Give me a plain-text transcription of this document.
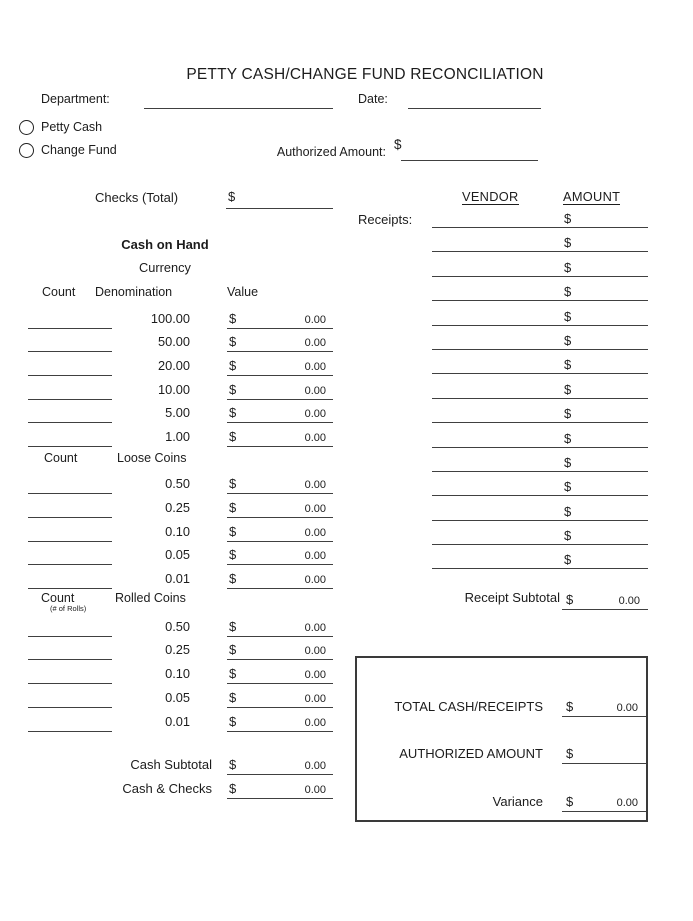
PETTY CASH/CHANGE FUND RECONCILIATION
Department:	Date:
Petty Cash
Change Fund	Authorized Amount: $
Checks (Total)	$
Cash on Hand
Currency
Count Denomination	Value
100.00	$	0.00
50.00	$	0.00
20.00	$	0.00
10.00	$	0.00
5.00	$	0.00
1.00	$	0.00
Count	Loose Coins
0.50	$	0.00
0.25	$	0.00
0.10	$	0.00
0.05	$	0.00
0.01	$	0.00
Count
(# of Rolls)
Rolled Coins
0.50	$	0.00
0.25	$	0.00
0.10	$	0.00
0.05	$	0.00
0.01	$	0.00
Cash Subtotal $	0.00
Cash & Checks $	0.00
VENDOR	AMOUNT
Receipts:	$
$
$
$
$
$
$
$
$
$
$
$
$
$
$
Receipt Subtotal $	0.00
TOTAL CASH/RECEIPTS $	0.00
AUTHORIZED AMOUNT $
Variance $	0.00
